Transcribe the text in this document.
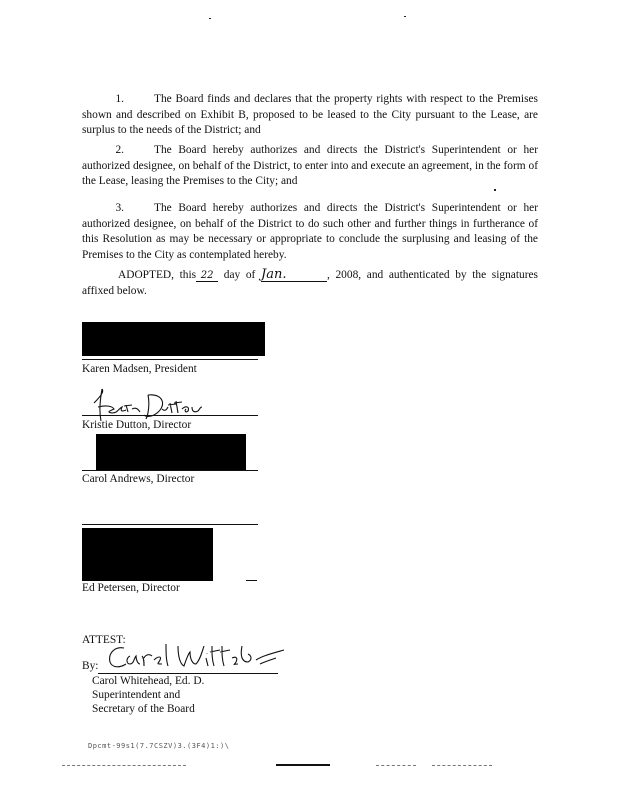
1.	The Board finds and declares that the property rights with respect to the Premises shown and described on Exhibit B, proposed to be leased to the City pursuant to the Lease, are surplus to the needs of the District; and
2.	The Board hereby authorizes and directs the District's Superintendent or her authorized designee, on behalf of the District, to enter into and execute an agreement, in the form of the Lease, leasing the Premises to the City; and
3.	The Board hereby authorizes and directs the District's Superintendent or her authorized designee, on behalf of the District to do such other and further things in furtherance of this Resolution as may be necessary or appropriate to conclude the surplusing and leasing of the Premises to the City as contemplated hereby.
ADOPTED, this 22 day of Jan.	, 2008, and authenticated by the signatures affixed below.
Karen Madsen, President
Kristie Dutton, Director
Carol Andrews, Director
Ed Petersen, Director
ATTEST:
By:
Carol Whitehead, Ed. D.
Superintendent and
Secretary of the Board
Dpcmt-99s1(7.7CSZV)3.(3F4)1:)\
